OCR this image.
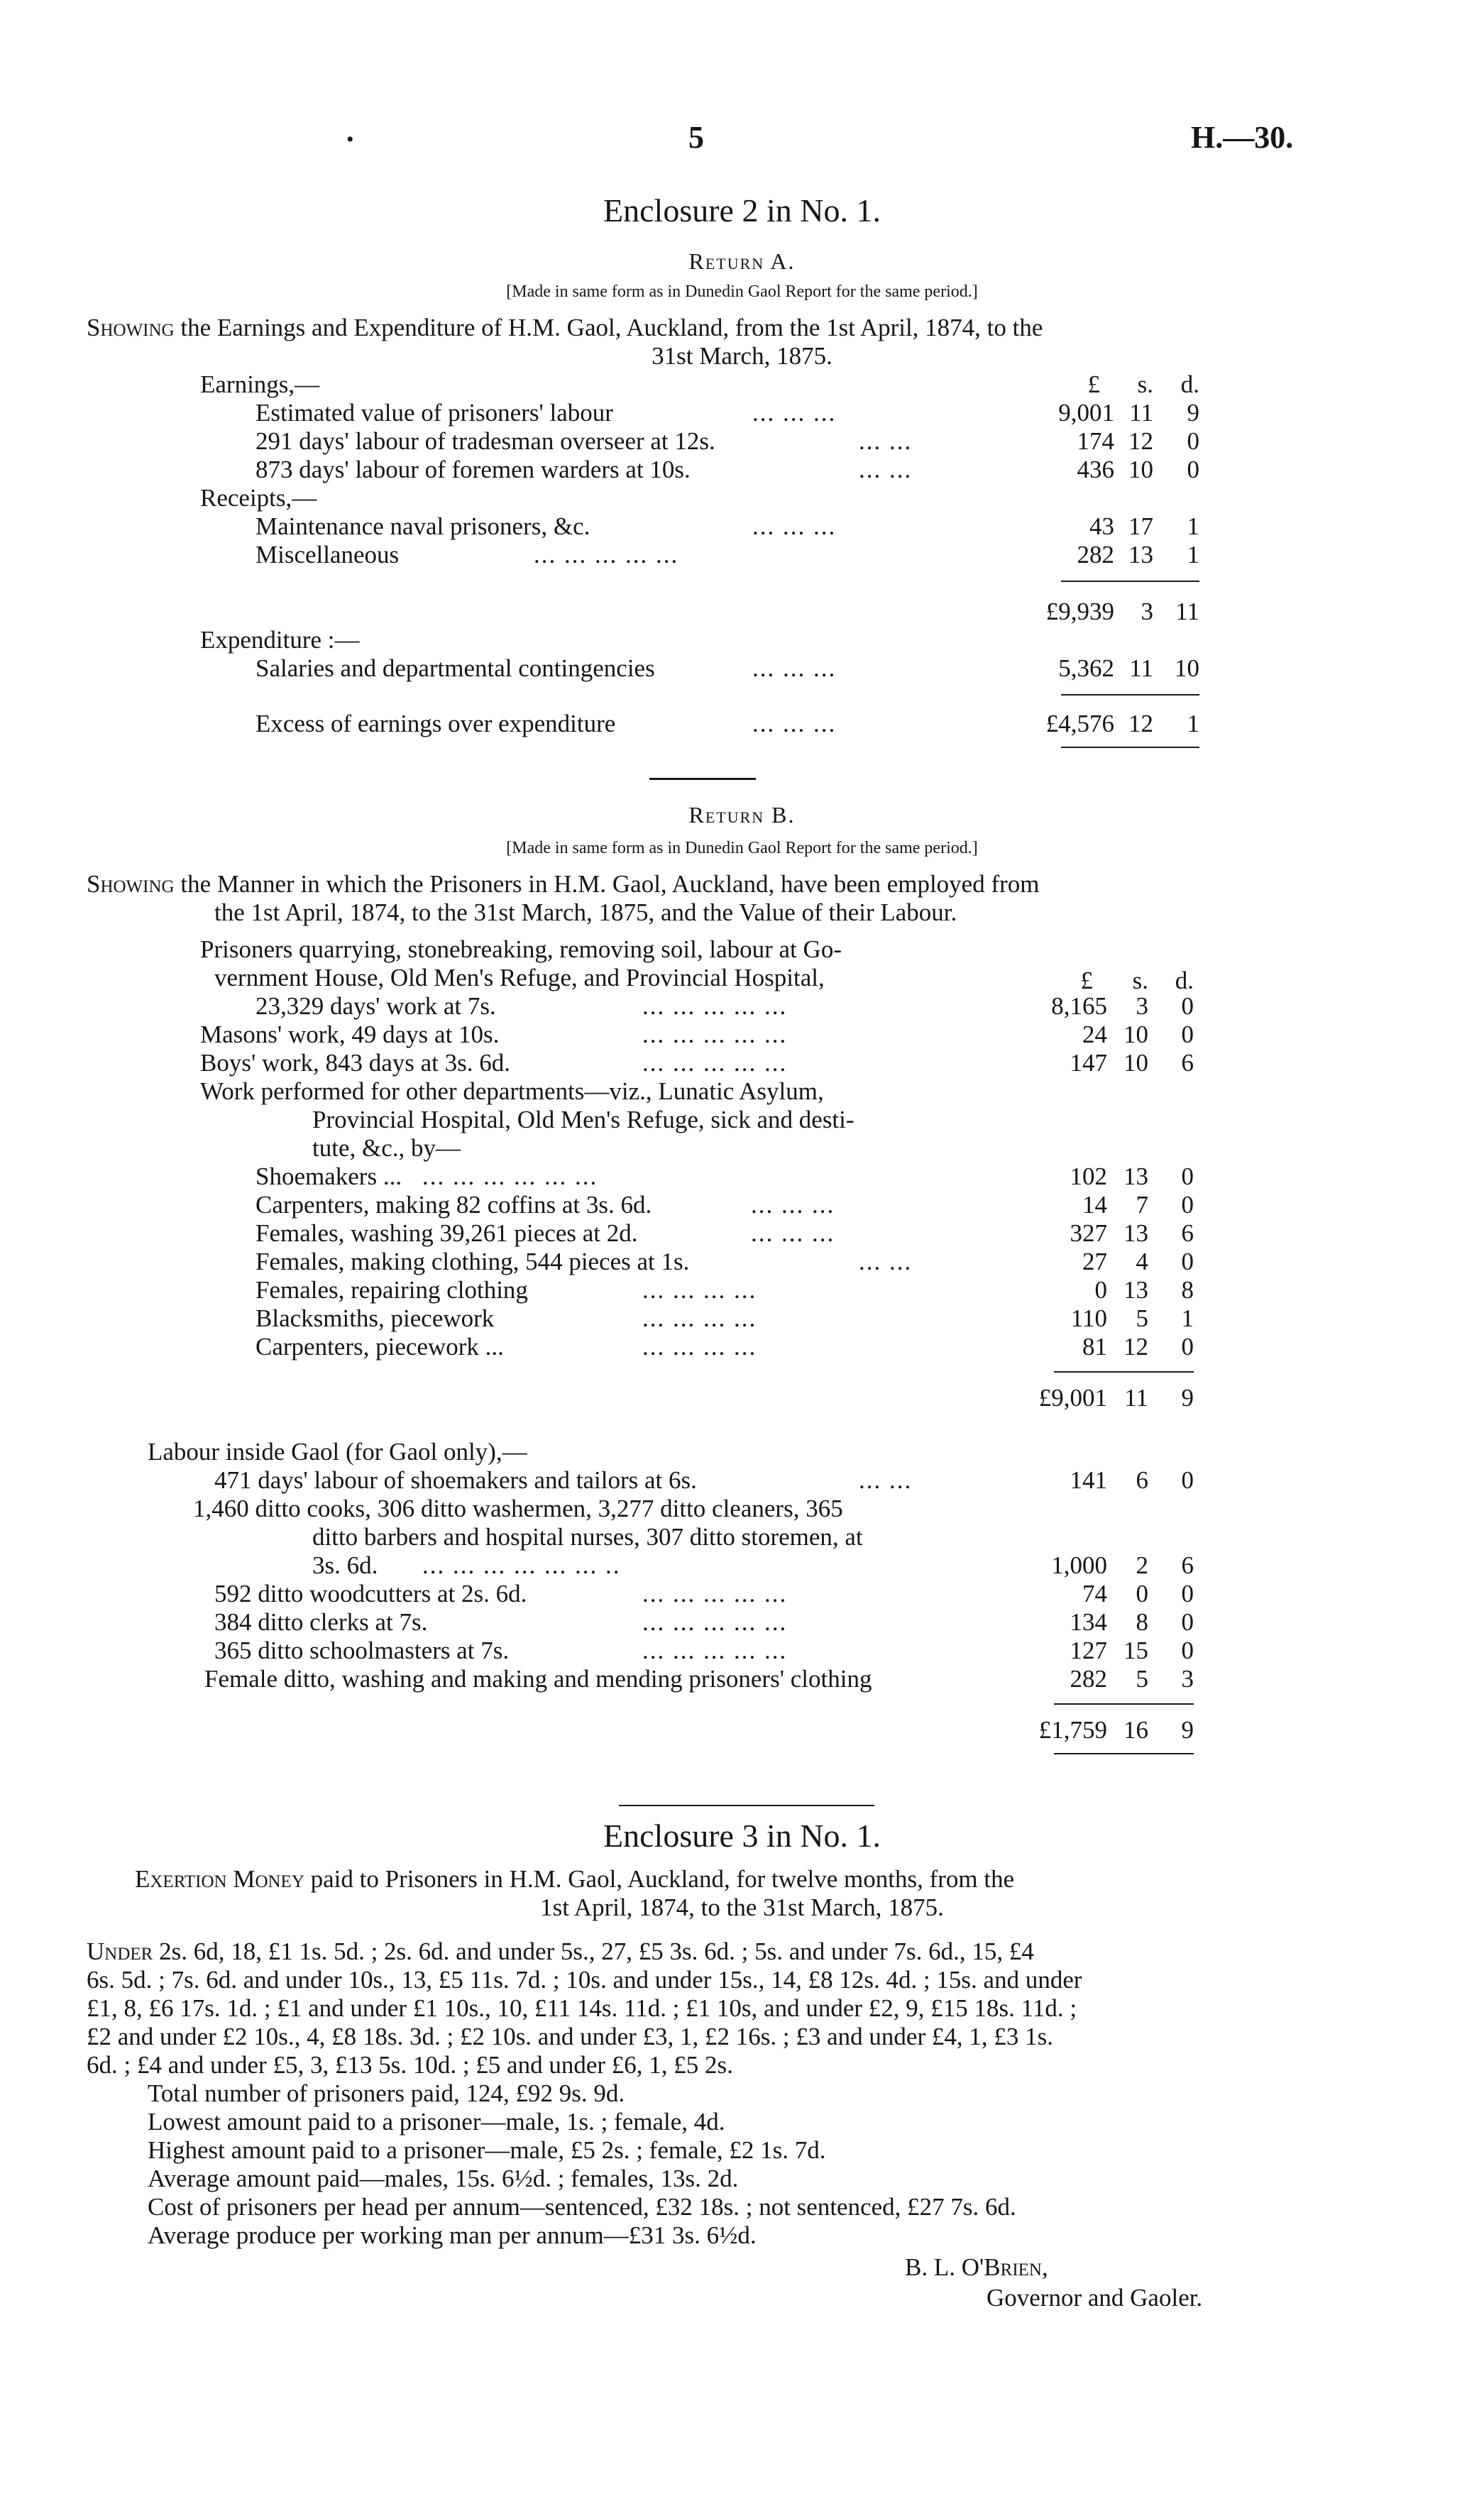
•	5	H.—30.
Enclosure 2 in No. 1.
Return A.
[Made in same form as in Dunedin Gaol Report for the same period.]
Showing the Earnings and Expenditure of H.M. Gaol, Auckland, from the 1st April, 1874, to the
31st March, 1875.
£	s.	d.
Earnings,—
Estimated value of prisoners' labour	... ... ...	9,001 11	9
291 days' labour of tradesman overseer at 12s.	... ...	174 12	0
873 days' labour of foremen warders at 10s.	... ...	436 10	0
Receipts,—
Maintenance naval prisoners, &c.	... ... ...	43 17	1
Miscellaneous	... ... ... ... ...	282 13	1
£9,939	3 11
Expenditure :—
Salaries and departmental contingencies	... ... ...	5,362 11 10
Excess of earnings over expenditure	... ... ...	£4,576 12	1
Return B.
[Made in same form as in Dunedin Gaol Report for the same period.]
Showing the Manner in which the Prisoners in H.M. Gaol, Auckland, have been employed from
the 1st April, 1874, to the 31st March, 1875, and the Value of their Labour.
Prisoners quarrying, stonebreaking, removing soil, labour at Go-
vernment House, Old Men's Refuge, and Provincial Hospital,	£	s.	d.
23,329 days' work at 7s.	... ... ... ... ...	8,165	3	0
Masons' work, 49 days at 10s.	... ... ... ... ...	24 10	0
Boys' work, 843 days at 3s. 6d.	... ... ... ... ...	147 10	6
Work performed for other departments—viz., Lunatic Asylum,
Provincial Hospital, Old Men's Refuge, sick and desti-
tute, &c., by—
Shoemakers ... ... ... ... ... ... ...	102 13	0
Carpenters, making 82 coffins at 3s. 6d.	... ... ...	14	7	0
Females, washing 39,261 pieces at 2d.	... ... ...	327 13	6
Females, making clothing, 544 pieces at 1s.	... ...	27	4	0
Females, repairing clothing	... ... ... ...	0 13	8
Blacksmiths, piecework	... ... ... ...	110	5	1
Carpenters, piecework ...	... ... ... ...	81 12	0
£9,001 11	9
Labour inside Gaol (for Gaol only),—
471 days' labour of shoemakers and tailors at 6s.	... ...	141	6	0
1,460 ditto cooks, 306 ditto washermen, 3,277 ditto cleaners, 365
ditto barbers and hospital nurses, 307 ditto storemen, at
3s. 6d. ... ... ... ... ... ... ..	1,000	2	6
592 ditto woodcutters at 2s. 6d.	... ... ... ... ...	74	0	0
384 ditto clerks at 7s.	... ... ... ... ...	134	8	0
365 ditto schoolmasters at 7s.	... ... ... ... ...	127 15	0
Female ditto, washing and making and mending prisoners' clothing	282	5	3
£1,759 16	9
Enclosure 3 in No. 1.
Exertion Money paid to Prisoners in H.M. Gaol, Auckland, for twelve months, from the
1st April, 1874, to the 31st March, 1875.
Under 2s. 6d, 18, £1 1s. 5d. ; 2s. 6d. and under 5s., 27, £5 3s. 6d. ; 5s. and under 7s. 6d., 15, £4
6s. 5d. ; 7s. 6d. and under 10s., 13, £5 11s. 7d. ; 10s. and under 15s., 14, £8 12s. 4d. ; 15s. and under
£1, 8, £6 17s. 1d. ; £1 and under £1 10s., 10, £11 14s. 11d. ; £1 10s, and under £2, 9, £15 18s. 11d. ;
£2 and under £2 10s., 4, £8 18s. 3d. ; £2 10s. and under £3, 1, £2 16s. ; £3 and under £4, 1, £3 1s.
6d. ; £4 and under £5, 3, £13 5s. 10d. ; £5 and under £6, 1, £5 2s.
Total number of prisoners paid, 124, £92 9s. 9d.
Lowest amount paid to a prisoner—male, 1s. ; female, 4d.
Highest amount paid to a prisoner—male, £5 2s. ; female, £2 1s. 7d.
Average amount paid—males, 15s. 6½d. ; females, 13s. 2d.
Cost of prisoners per head per annum—sentenced, £32 18s. ; not sentenced, £27 7s. 6d.
Average produce per working man per annum—£31 3s. 6½d.
B. L. O'Brien,
Governor and Gaoler.
